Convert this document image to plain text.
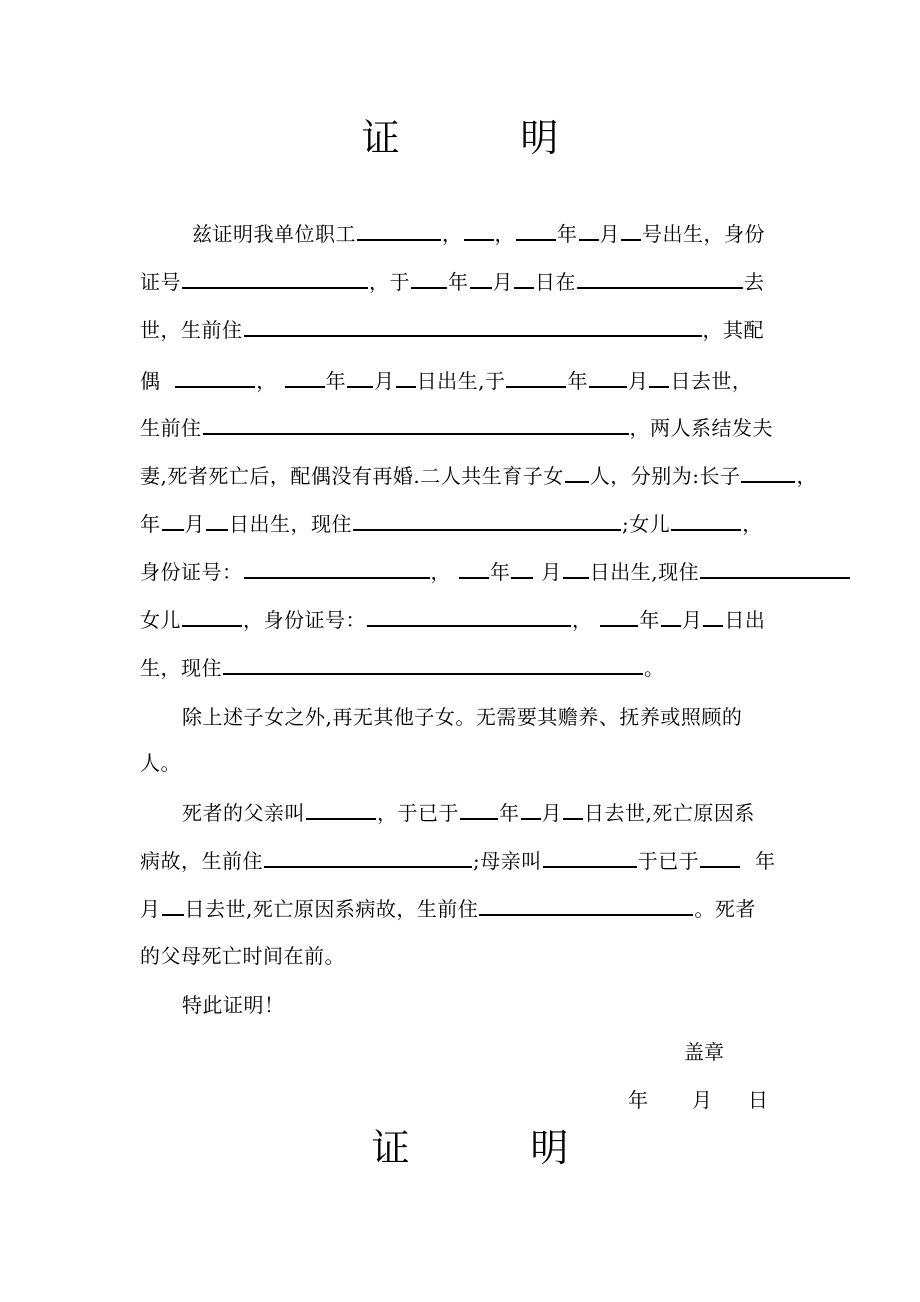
证          明
兹证明我单位职工	， ， 年 月 号出生，身份
证号	，于 年 月 日在	去
世，生前住	，其配
偶	， 年 月 日出生,于	年 月 日去世，
生前住	，两人系结发夫
妻,死者死亡后，配偶没有再婚.二人共生育子女 人，分别为:长子	，
年 月 日出生，现住	;女儿	，
身份证号：	， 年 月 日出生,现住
女儿	，身份证号：	， 年 月 日出
生，现住	。
除上述子女之外,再无其他子女。无需要其赡养、抚养或照顾的
人。
死者的父亲叫	，于已于 年 月 日去世,死亡原因系
病故，生前住	;母亲叫	于已于	年
月 日去世,死亡原因系病故，生前住	。死者
的父母死亡时间在前。
特此证明！
盖章
年 月 日
证          明
